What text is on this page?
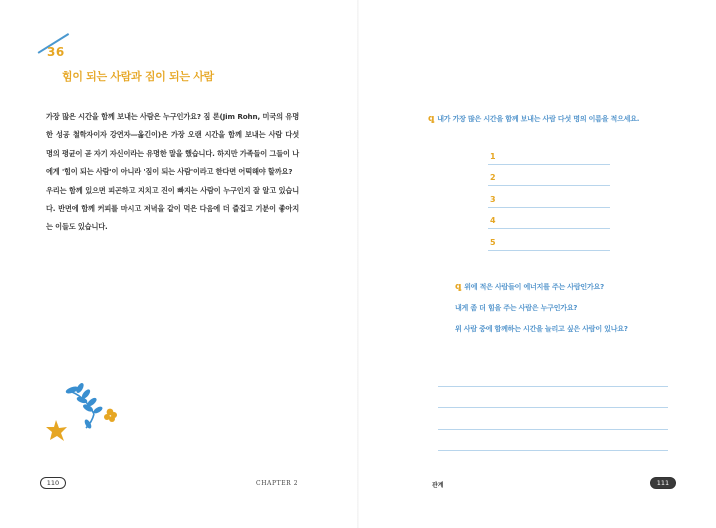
36
힘이 되는 사람과 짐이 되는 사람

가장 많은 시간을 함께 보내는 사람은 누구인가요? 짐 론(Jim Rohn, 미국의 유명한 성공 철학자이자 강연자—옮긴이)은 가장 오랜 시간을 함께 보내는 사람 다섯 명의 평균이 곧 자기 자신이라는 유명한 말을 했습니다. 하지만 가족들이 그들이 나에게 '힘이 되는 사람'이 아니라 '짐이 되는 사람'이라고 한다면 어떡해야 할까요?

우리는 함께 있으면 피곤하고 지치고 진이 빠지는 사람이 누구인지 잘 알고 있습니다. 반면에 함께 커피를 마시고 저녁을 같이 먹은 다음에 더 즐겁고 기분이 좋아지는 이들도 있습니다.

110	CHAPTER 2
ꝗ 내가 가장 많은 시간을 함께 보내는 사람 다섯 명의 이름을 적으세요.
1
2
3
4
5
ꝗ 위에 적은 사람들이 에너지를 주는 사람인가요?
내게 좀 더 힘을 주는 사람은 누구인가요?
위 사람 중에 함께하는 시간을 늘리고 싶은 사람이 있나요?
관계	111
